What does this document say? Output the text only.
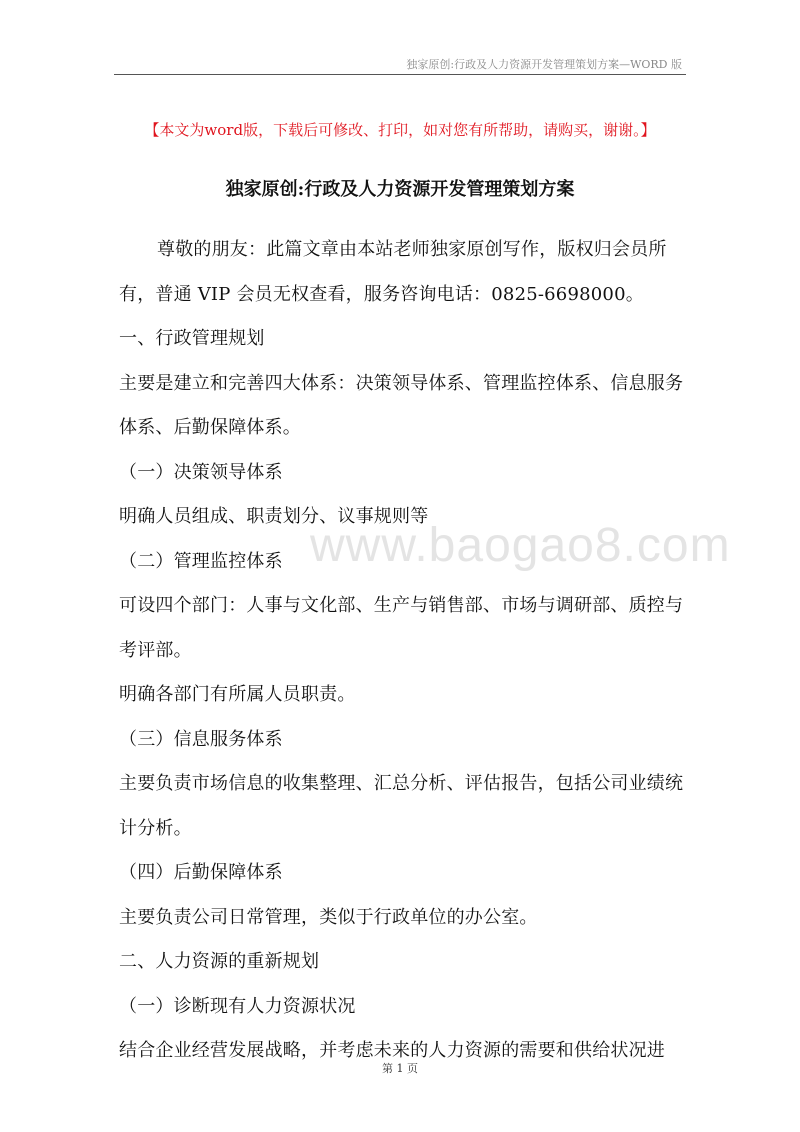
独家原创:行政及人力资源开发管理策划方案—WORD 版
【本文为word版，下载后可修改、打印，如对您有所帮助，请购买，谢谢。】
独家原创:行政及人力资源开发管理策划方案

尊敬的朋友：此篇文章由本站老师独家原创写作，版权归会员所有，普通 VIP 会员无权查看，服务咨询电话：0825-6698000。

一、行政管理规划

主要是建立和完善四大体系：决策领导体系、管理监控体系、信息服务体系、后勤保障体系。

（一）决策领导体系

明确人员组成、职责划分、议事规则等

（二）管理监控体系

可设四个部门：人事与文化部、生产与销售部、市场与调研部、质控与考评部。

明确各部门有所属人员职责。

（三）信息服务体系

主要负责市场信息的收集整理、汇总分析、评估报告，包括公司业绩统计分析。

（四）后勤保障体系

主要负责公司日常管理，类似于行政单位的办公室。

二、人力资源的重新规划

（一）诊断现有人力资源状况

结合企业经营发展战略，并考虑未来的人力资源的需要和供给状况进

www.baogao8.com
第 1 页
